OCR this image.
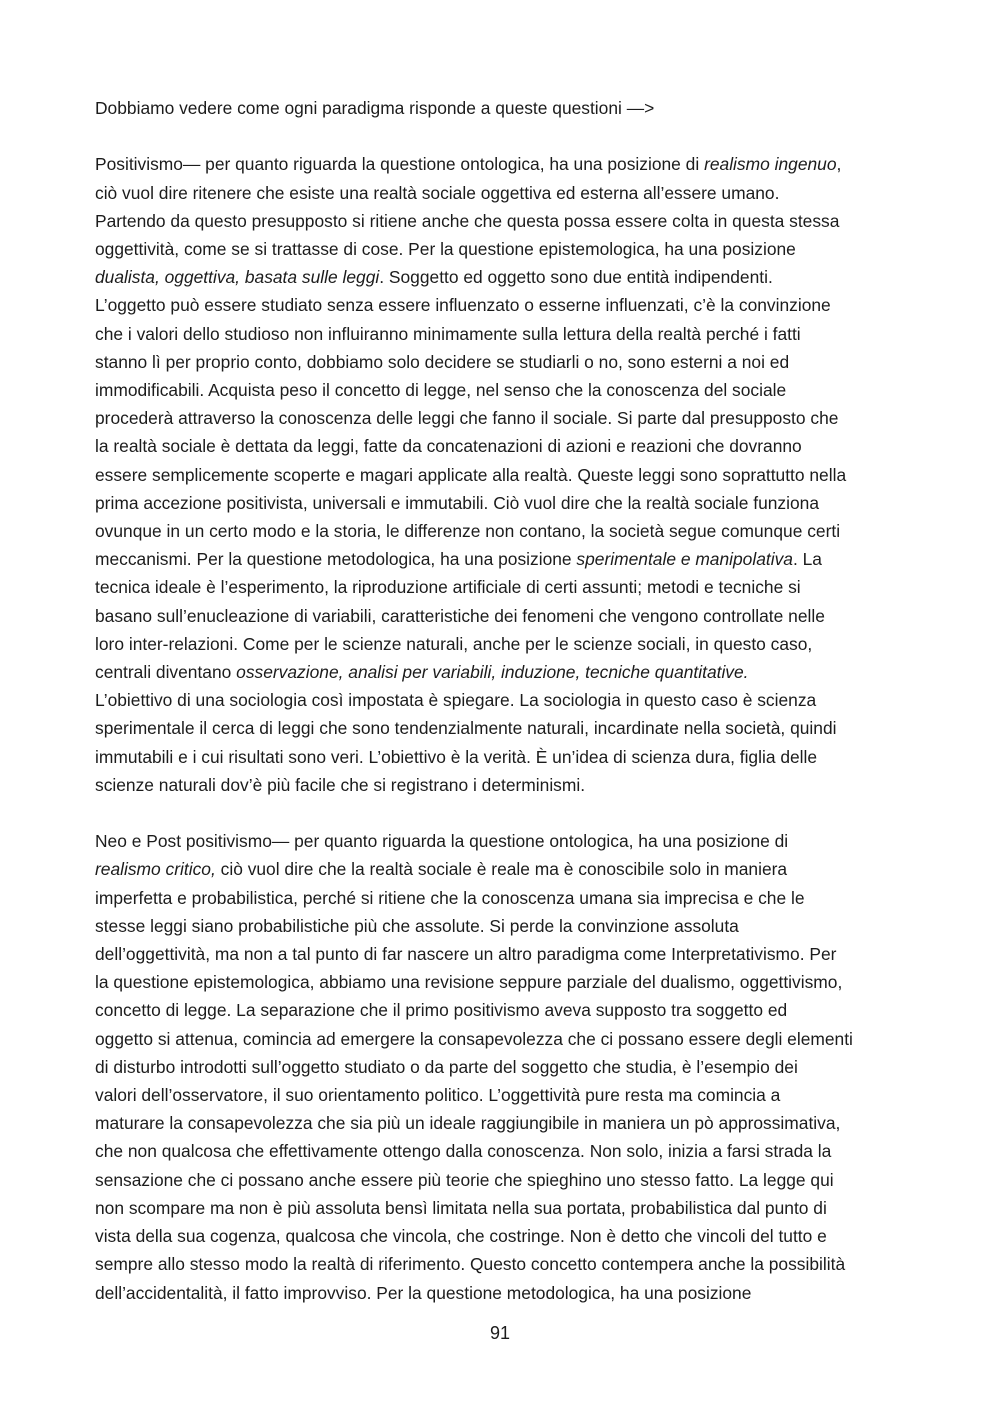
Dobbiamo vedere come ogni paradigma risponde a queste questioni —>

Positivismo— per quanto riguarda la questione ontologica, ha una posizione di realismo ingenuo,
ciò vuol dire ritenere che esiste una realtà sociale oggettiva ed esterna all’essere umano.
Partendo da questo presupposto si ritiene anche che questa possa essere colta in questa stessa
oggettività, come se si trattasse di cose. Per la questione epistemologica, ha una posizione
dualista, oggettiva, basata sulle leggi. Soggetto ed oggetto sono due entità indipendenti.
L’oggetto può essere studiato senza essere influenzato o esserne influenzati, c’è la convinzione
che i valori dello studioso non influiranno minimamente sulla lettura della realtà perché i fatti
stanno lì per proprio conto, dobbiamo solo decidere se studiarli o no, sono esterni a noi ed
immodificabili. Acquista peso il concetto di legge, nel senso che la conoscenza del sociale
procederà attraverso la conoscenza delle leggi che fanno il sociale. Si parte dal presupposto che
la realtà sociale è dettata da leggi, fatte da concatenazioni di azioni e reazioni che dovranno
essere semplicemente scoperte e magari applicate alla realtà. Queste leggi sono soprattutto nella
prima accezione positivista, universali e immutabili. Ciò vuol dire che la realtà sociale funziona
ovunque in un certo modo e la storia, le differenze non contano, la società segue comunque certi
meccanismi. Per la questione metodologica, ha una posizione sperimentale e manipolativa. La
tecnica ideale è l’esperimento, la riproduzione artificiale di certi assunti; metodi e tecniche si
basano sull’enucleazione di variabili, caratteristiche dei fenomeni che vengono controllate nelle
loro inter-relazioni. Come per le scienze naturali, anche per le scienze sociali, in questo caso,
centrali diventano osservazione, analisi per variabili, induzione, tecniche quantitative.
L’obiettivo di una sociologia così impostata è spiegare. La sociologia in questo caso è scienza
sperimentale il cerca di leggi che sono tendenzialmente naturali, incardinate nella società, quindi
immutabili e i cui risultati sono veri. L’obiettivo è la verità. È un’idea di scienza dura, figlia delle
scienze naturali dov’è più facile che si registrano i determinismi.
Neo e Post positivismo— per quanto riguarda la questione ontologica, ha una posizione di
realismo critico, ciò vuol dire che la realtà sociale è reale ma è conoscibile solo in maniera
imperfetta e probabilistica, perché si ritiene che la conoscenza umana sia imprecisa e che le
stesse leggi siano probabilistiche più che assolute. Si perde la convinzione assoluta
dell’oggettività, ma non a tal punto di far nascere un altro paradigma come Interpretativismo. Per
la questione epistemologica, abbiamo una revisione seppure parziale del dualismo, oggettivismo,
concetto di legge. La separazione che il primo positivismo aveva supposto tra soggetto ed
oggetto si attenua, comincia ad emergere la consapevolezza che ci possano essere degli elementi
di disturbo introdotti sull’oggetto studiato o da parte del soggetto che studia, è l’esempio dei
valori dell’osservatore, il suo orientamento politico. L’oggettività pure resta ma comincia a
maturare la consapevolezza che sia più un ideale raggiungibile in maniera un pò approssimativa,
che non qualcosa che effettivamente ottengo dalla conoscenza. Non solo, inizia a farsi strada la
sensazione che ci possano anche essere più teorie che spieghino uno stesso fatto. La legge qui
non scompare ma non è più assoluta bensì limitata nella sua portata, probabilistica dal punto di
vista della sua cogenza, qualcosa che vincola, che costringe. Non è detto che vincoli del tutto e
sempre allo stesso modo la realtà di riferimento. Questo concetto contempera anche la possibilità
dell’accidentalità, il fatto improvviso. Per la questione metodologica, ha una posizione
91
